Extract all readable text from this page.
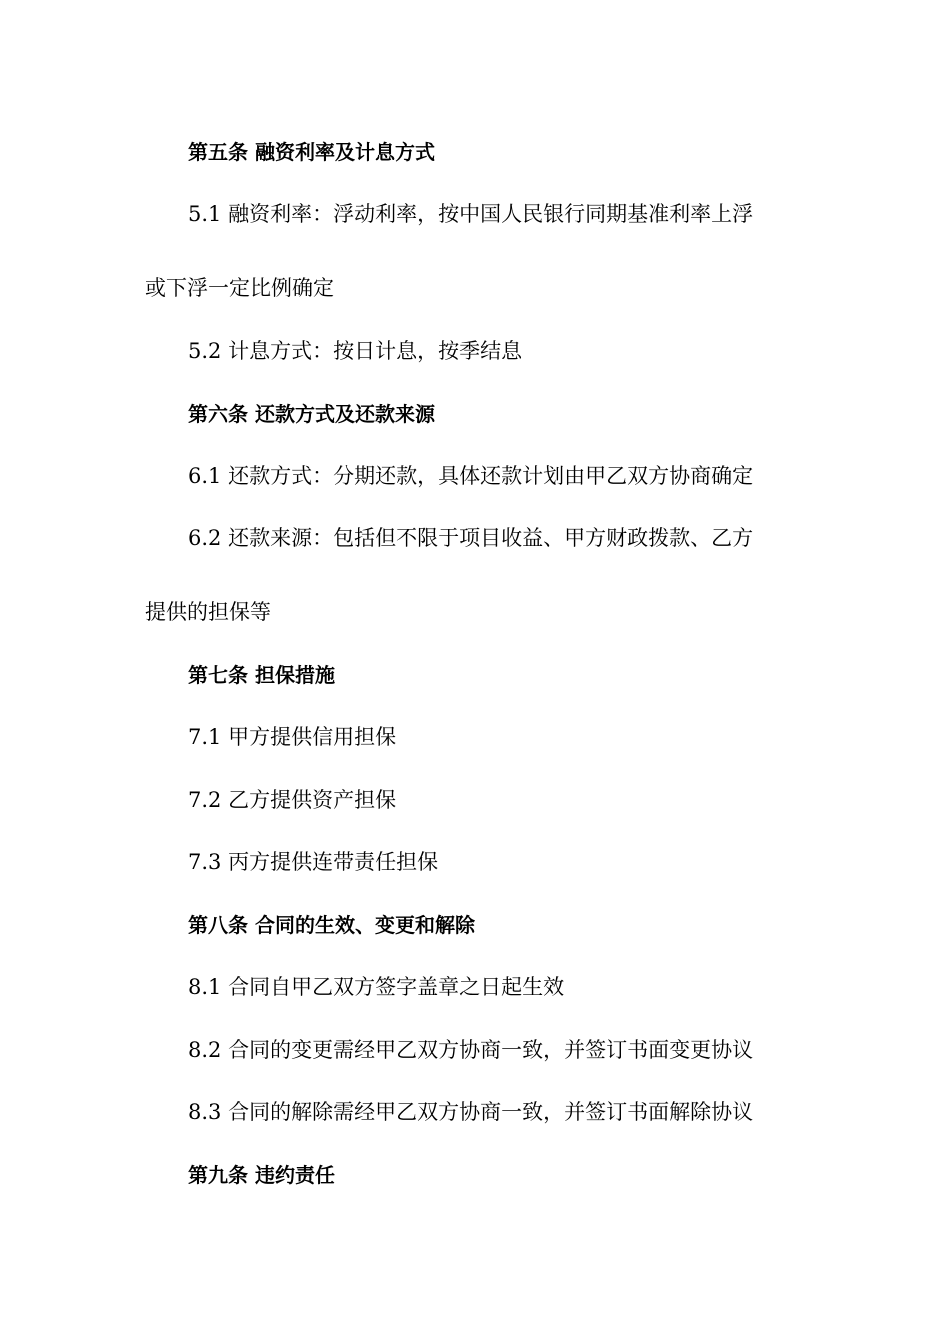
第五条 融资利率及计息方式

5.1 融资利率：浮动利率，按中国人民银行同期基准利率上浮

或下浮一定比例确定

5.2 计息方式：按日计息，按季结息

第六条 还款方式及还款来源

6.1 还款方式：分期还款，具体还款计划由甲乙双方协商确定

6.2 还款来源：包括但不限于项目收益、甲方财政拨款、乙方

提供的担保等

第七条 担保措施

7.1 甲方提供信用担保

7.2 乙方提供资产担保

7.3 丙方提供连带责任担保

第八条 合同的生效、变更和解除

8.1 合同自甲乙双方签字盖章之日起生效

8.2 合同的变更需经甲乙双方协商一致，并签订书面变更协议

8.3 合同的解除需经甲乙双方协商一致，并签订书面解除协议

第九条 违约责任
